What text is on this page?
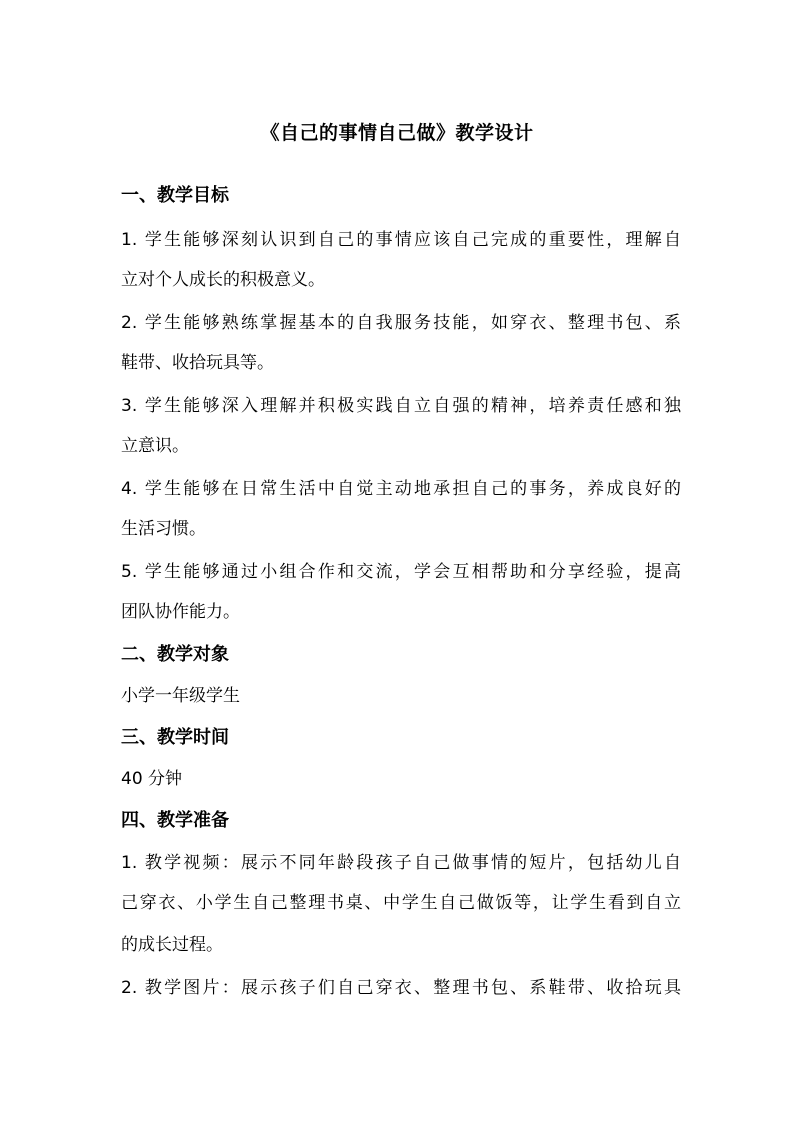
《自己的事情自己做》教学设计
一、教学目标
1. 学生能够深刻认识到自己的事情应该自己完成的重要性，理解自
立对个人成长的积极意义。
2. 学生能够熟练掌握基本的自我服务技能，如穿衣、整理书包、系
鞋带、收拾玩具等。
3. 学生能够深入理解并积极实践自立自强的精神，培养责任感和独
立意识。
4. 学生能够在日常生活中自觉主动地承担自己的事务，养成良好的
生活习惯。
5. 学生能够通过小组合作和交流，学会互相帮助和分享经验，提高
团队协作能力。
二、教学对象
小学一年级学生
三、教学时间
40 分钟
四、教学准备
1. 教学视频：展示不同年龄段孩子自己做事情的短片，包括幼儿自
己穿衣、小学生自己整理书桌、中学生自己做饭等，让学生看到自立
的成长过程。
2. 教学图片：展示孩子们自己穿衣、整理书包、系鞋带、收拾玩具
